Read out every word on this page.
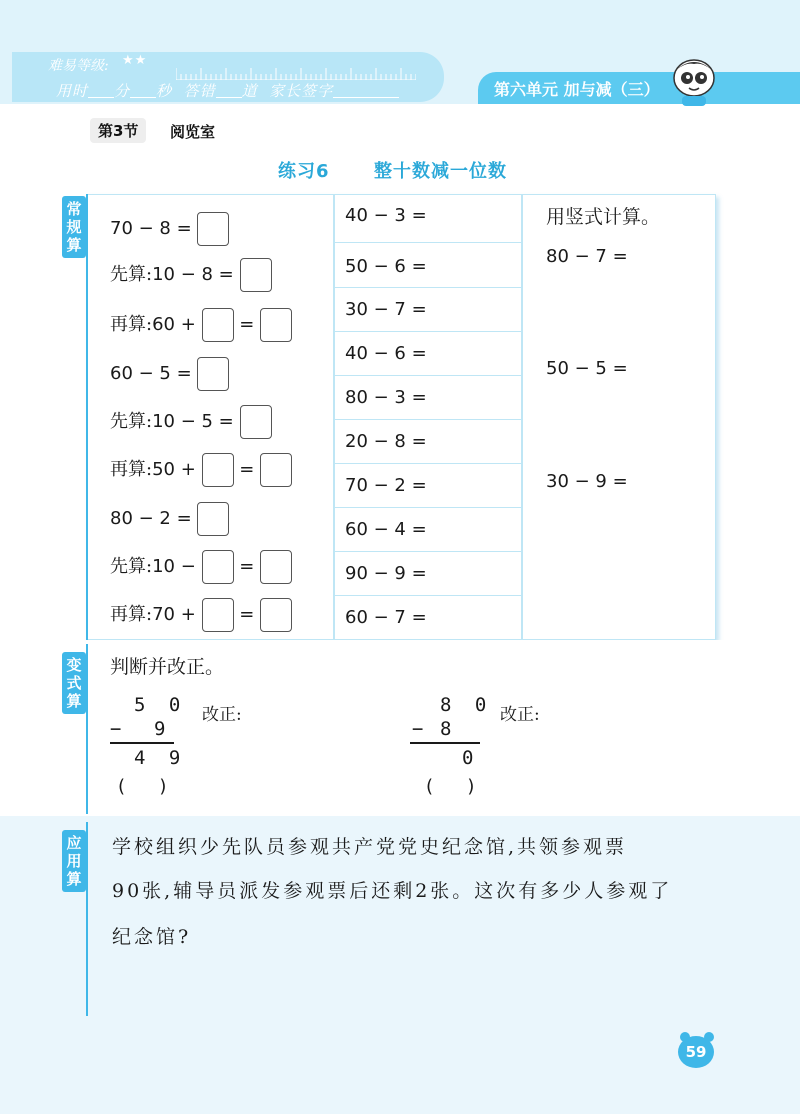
难易等级: ★★
用时 分 秒 答错 道 家长签字	第六单元 加与减（三）
第3节	阅览室
练习6 整十数减一位数
常
规
算
70 − 8 =
先算:10 − 8 =
再算:60 + =
60 − 5 =
先算:10 − 5 =
再算:50 + =
80 − 2 =
先算:10 − =
再算:70 + =
40 − 3 =
50 − 6 =
30 − 7 =
40 − 6 =
80 − 3 =
20 − 8 =
70 − 2 =
60 − 4 =
90 − 9 =
60 − 7 =
用竖式计算。
80 − 7 =
50 − 5 =
30 − 9 =
变
式
算
判断并改正。
5 0
− 9
4 9
(      )
改正:	8 0
− 8
0
(      )
改正:
应
用
算
学校组织少先队员参观共产党党史纪念馆,共领参观票
90张,辅导员派发参观票后还剩2张。这次有多少人参观了
纪念馆?
59
